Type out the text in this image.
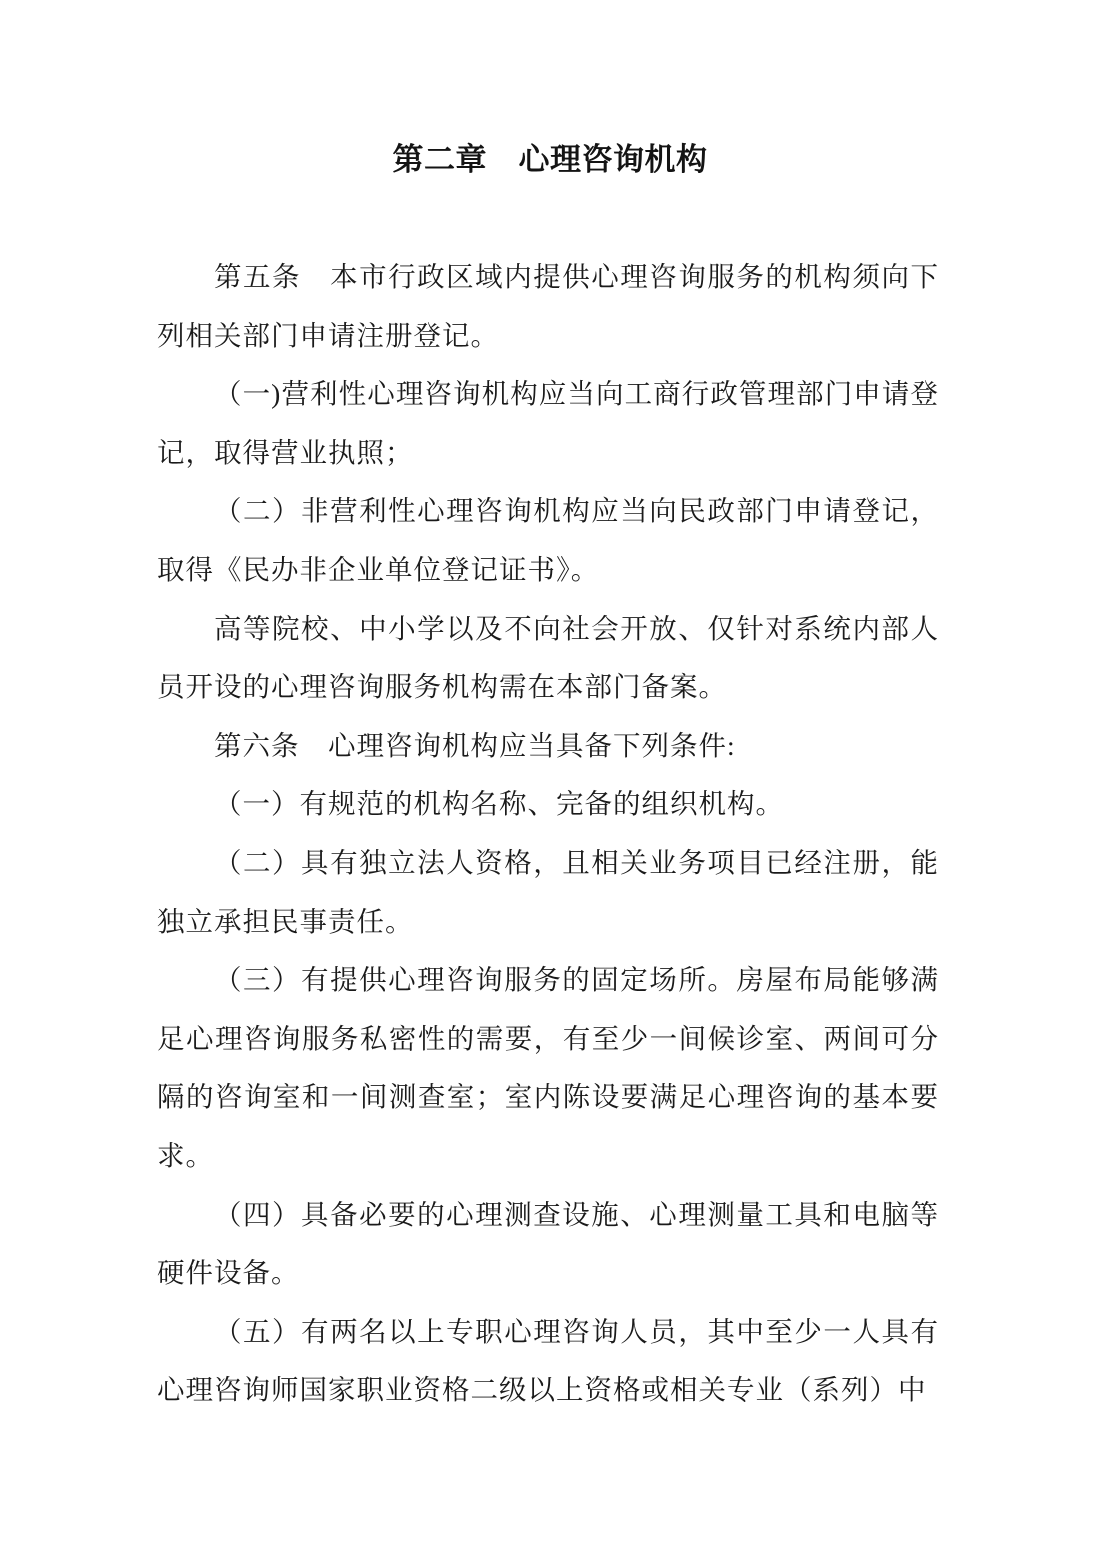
第二章　心理咨询机构

第五条　本市行政区域内提供心理咨询服务的机构须向下列相关部门申请注册登记。

（一)营利性心理咨询机构应当向工商行政管理部门申请登记，取得营业执照；

（二）非营利性心理咨询机构应当向民政部门申请登记，取得《民办非企业单位登记证书》。

高等院校、中小学以及不向社会开放、仅针对系统内部人员开设的心理咨询服务机构需在本部门备案。

第六条　心理咨询机构应当具备下列条件:

（一）有规范的机构名称、完备的组织机构。

（二）具有独立法人资格，且相关业务项目已经注册，能独立承担民事责任。

（三）有提供心理咨询服务的固定场所。房屋布局能够满足心理咨询服务私密性的需要，有至少一间候诊室、两间可分隔的咨询室和一间测查室；室内陈设要满足心理咨询的基本要求。

（四）具备必要的心理测查设施、心理测量工具和电脑等硬件设备。

（五）有两名以上专职心理咨询人员，其中至少一人具有心理咨询师国家职业资格二级以上资格或相关专业（系列）中
